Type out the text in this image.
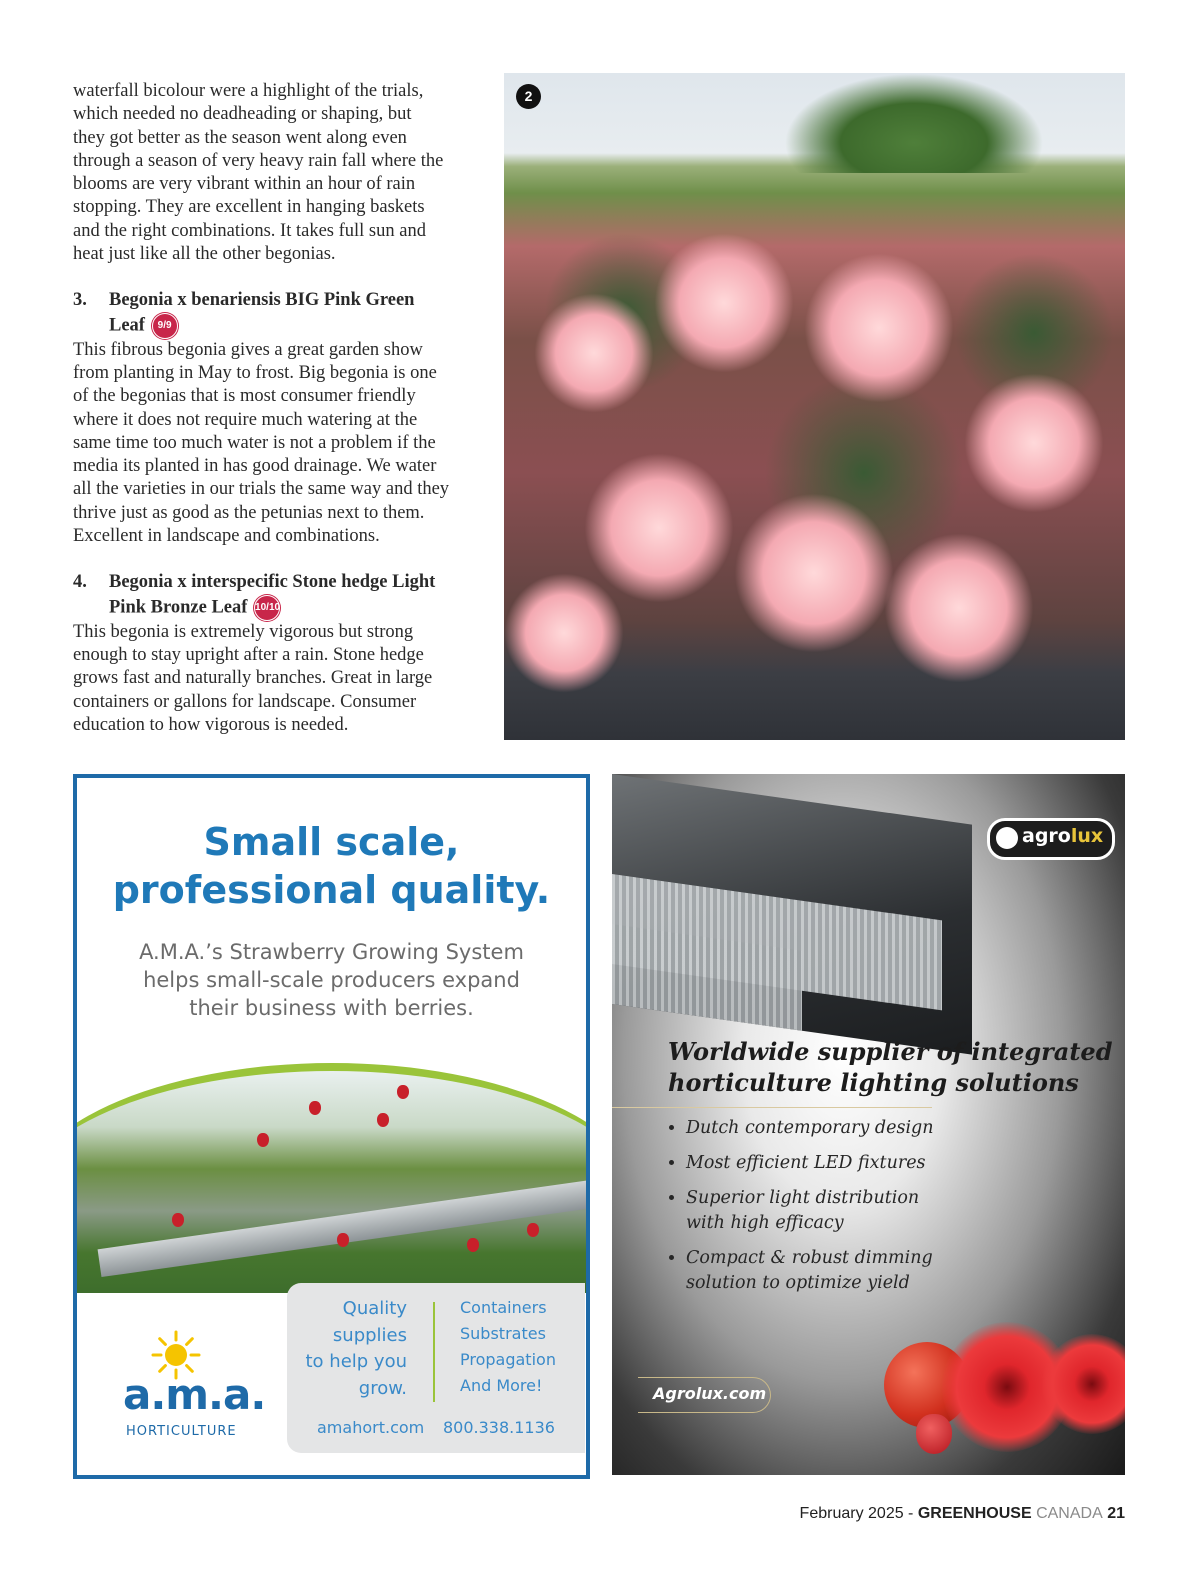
waterfall bicolour were a highlight of the trials,
which needed no deadheading or shaping, but
they got better as the season went along even
through a season of very heavy rain fall where the
blooms are very vibrant within an hour of rain
stopping. They are excellent in hanging baskets
and the right combinations. It takes full sun and
heat just like all the other begonias.

3.	Begonia x benariensis BIG Pink Green
Leaf 9/9

This fibrous begonia gives a great garden show
from planting in May to frost. Big begonia is one
of the begonias that is most consumer friendly
where it does not require much watering at the
same time too much water is not a problem if the
media its planted in has good drainage. We water
all the varieties in our trials the same way and they
thrive just as good as the petunias next to them.
Excellent in landscape and combinations.

4.	Begonia x interspecific Stone hedge Light
Pink Bronze Leaf 10/10

This begonia is extremely vigorous but strong
enough to stay upright after a rain. Stone hedge
grows fast and naturally branches. Great in large
containers or gallons for landscape. Consumer
education to how vigorous is needed.

2
Small scale,
professional quality.
A.M.A.’s Strawberry Growing System
helps small-scale producers expand
their business with berries.
Quality
supplies
to help you
grow.
Containers
Substrates
Propagation
And More!
amahort.com 800.338.1136
a.m.a.
HORTICULTURE
agrolux
Worldwide supplier of integrated
horticulture lighting solutions
• Dutch contemporary design
• Most efficient LED fixtures
• Superior light distribution
with high efficacy
• Compact & robust dimming
solution to optimize yield
Agrolux.com
February 2025 - GREENHOUSE CANADA 21
